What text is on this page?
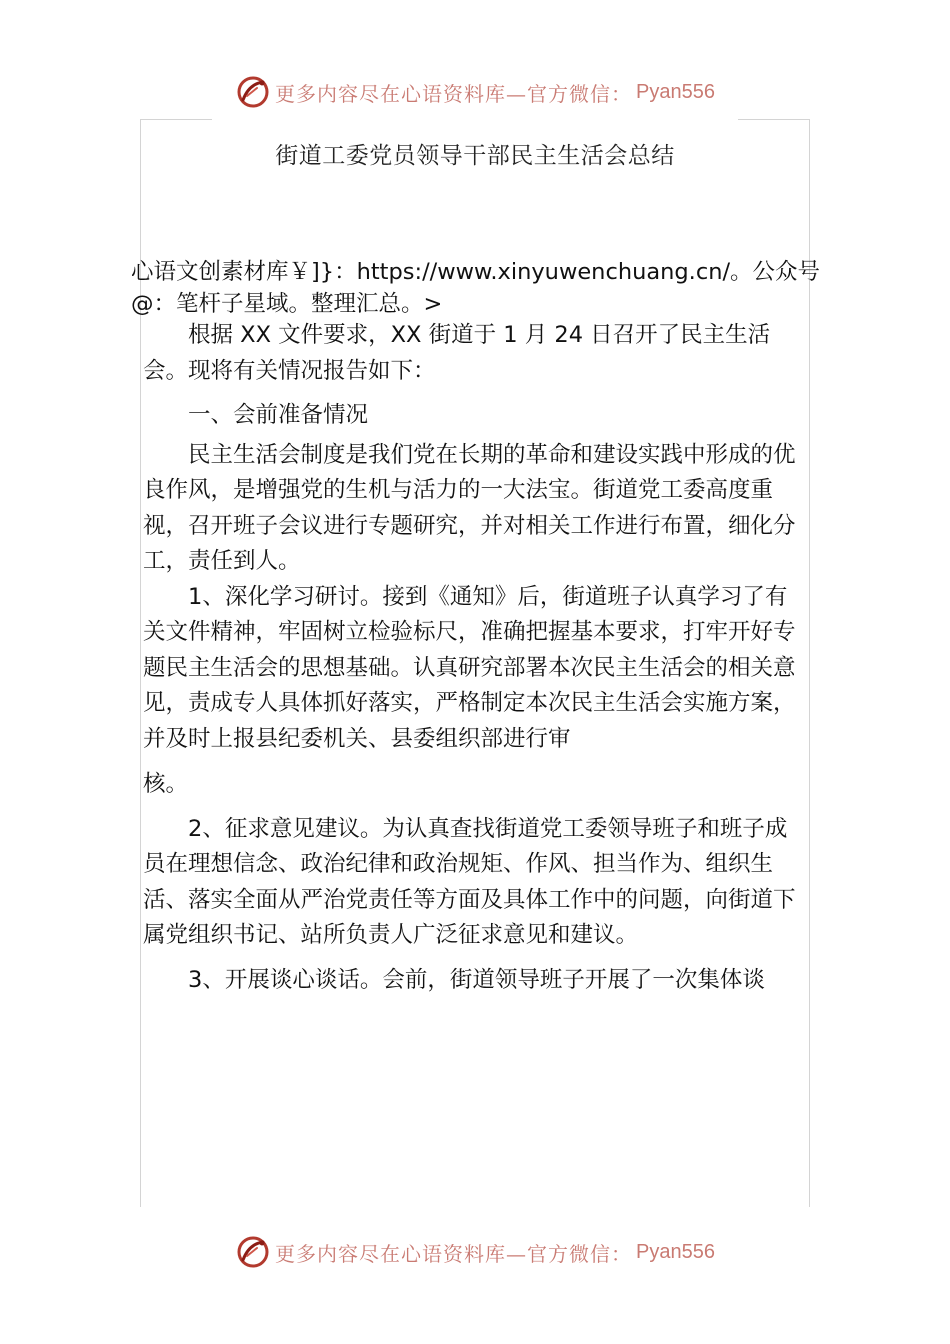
更多内容尽在心语资料库—官方微信： Pyan556
街道工委党员领导干部民主生活会总结
心语文创素材库￥]}：https://www.xinyuwenchuang.cn/。公众号@：笔杆子星域。整理汇总。>

根据 XX 文件要求，XX 街道于 1 月 24 日召开了民主生活会。现将有关情况报告如下：

一、会前准备情况

民主生活会制度是我们党在长期的革命和建设实践中形成的优良作风，是增强党的生机与活力的一大法宝。街道党工委高度重视，召开班子会议进行专题研究，并对相关工作进行布置，细化分工，责任到人。

1、深化学习研讨。接到《通知》后，街道班子认真学习了有关文件精神，牢固树立检验标尺，准确把握基本要求，打牢开好专题民主生活会的思想基础。认真研究部署本次民主生活会的相关意见，责成专人具体抓好落实，严格制定本次民主生活会实施方案，并及时上报县纪委机关、县委组织部进行审
核。

2、征求意见建议。为认真查找街道党工委领导班子和班子成员在理想信念、政治纪律和政治规矩、作风、担当作为、组织生活、落实全面从严治党责任等方面及具体工作中的问题，向街道下属党组织书记、站所负责人广泛征求意见和建议。

3、开展谈心谈话。会前，街道领导班子开展了一次集体谈

更多内容尽在心语资料库—官方微信： Pyan556
